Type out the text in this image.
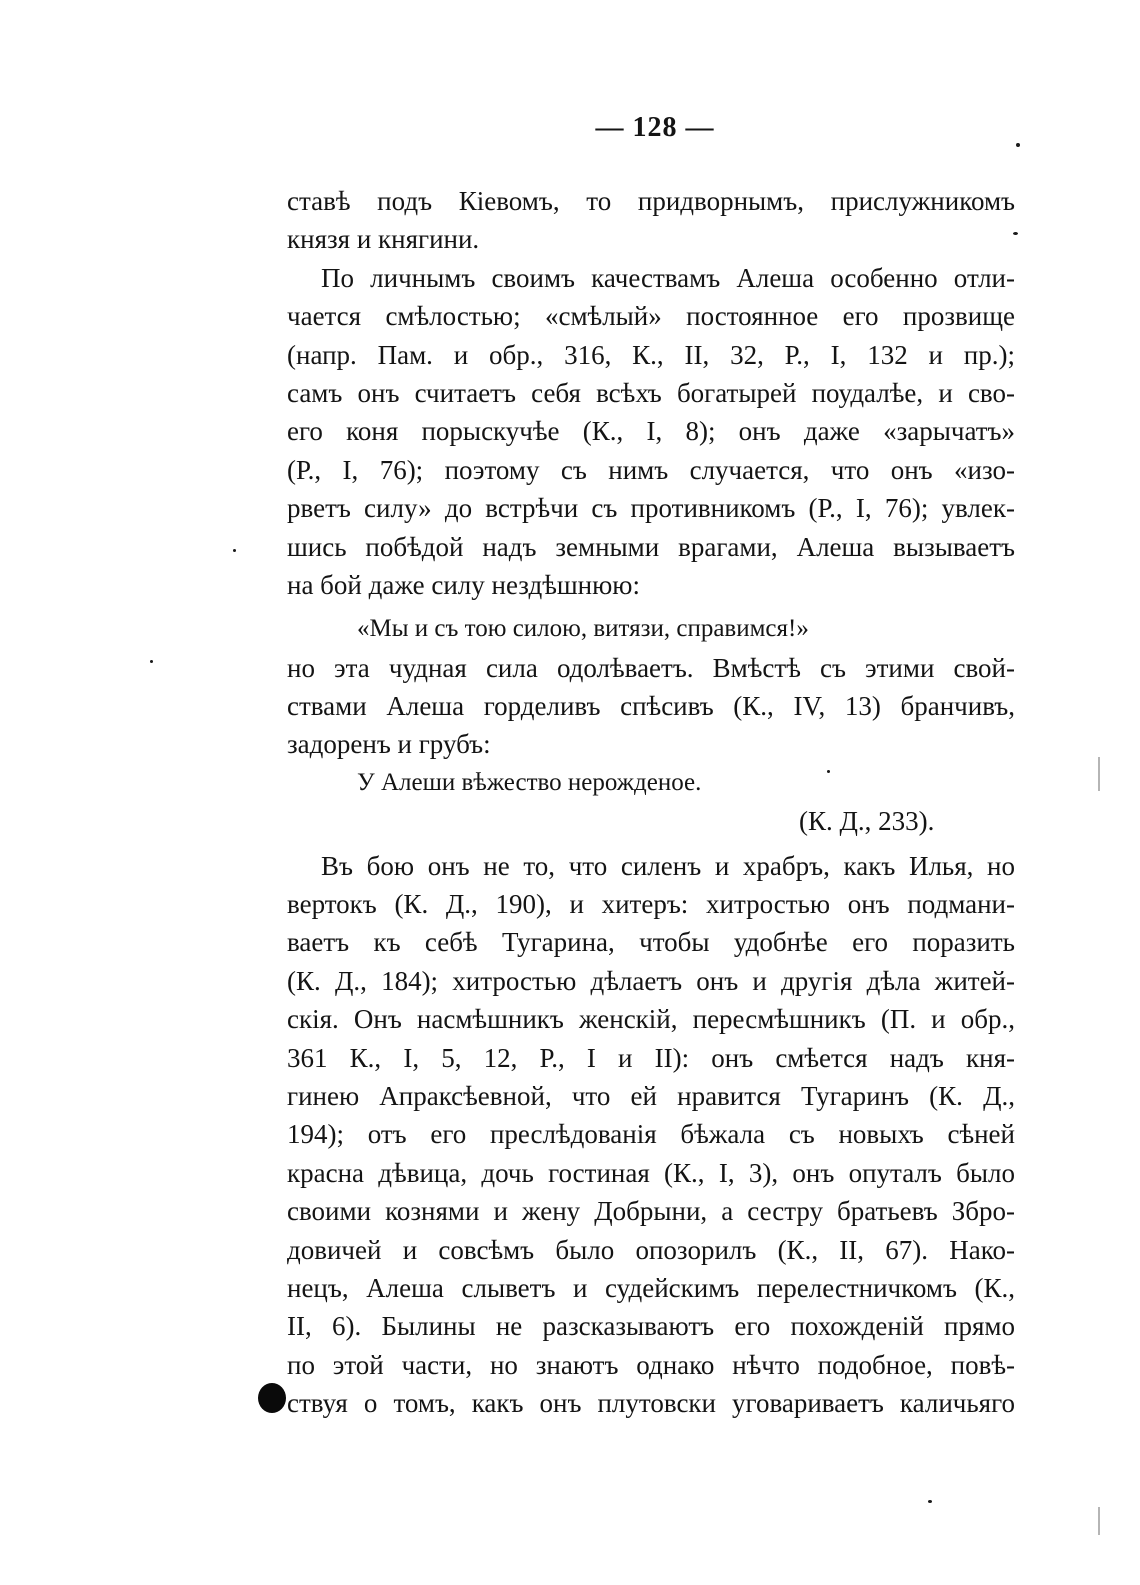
— 128 —
ставѣ подъ Кіевомъ, то придворнымъ, прислужникомъ
князя и княгини.
По личнымъ своимъ качествамъ Алеша особенно отли-
чается смѣлостью; «смѣлый» постоянное его прозвище
(напр. Пам. и обр., 316, К., II, 32, Р., I, 132 и пр.);
самъ онъ считаетъ себя всѣхъ богатырей поудалѣе, и сво-
его коня порыскучѣе (К., I, 8); онъ даже «зарычатъ»
(Р., I, 76); поэтому съ нимъ случается, что онъ «изо-
рветъ силу» до встрѣчи съ противникомъ (Р., I, 76); увлек-
шись побѣдой надъ земными врагами, Алеша вызываетъ
на бой даже силу нездѣшнюю:
«Мы и съ тою силою, витязи, справимся!»
но эта чудная сила одолѣваетъ. Вмѣстѣ съ этими свой-
ствами Алеша горделивъ спѣсивъ (К., IV, 13) бранчивъ,
задоренъ и грубъ:
У Алеши вѣжество нерожденое.
(К. Д., 233).
Въ бою онъ не то, что силенъ и храбръ, какъ Илья, но
вертокъ (К. Д., 190), и хитеръ: хитростью онъ подмани-
ваетъ къ себѣ Тугарина, чтобы удобнѣе его поразить
(К. Д., 184); хитростью дѣлаетъ онъ и другія дѣла житей-
скія. Онъ насмѣшникъ женскій, пересмѣшникъ (П. и обр.,
361 К., I, 5, 12, Р., I и II): онъ смѣется надъ кня-
гинею Апраксѣевной, что ей нравится Тугаринъ (К. Д.,
194); отъ его преслѣдованія бѣжала съ новыхъ сѣней
красна дѣвица, дочь гостиная (К., I, 3), онъ опуталъ было
своими кознями и жену Добрыни, а сестру братьевъ Збро-
довичей и совсѣмъ было опозорилъ (К., II, 67). Нако-
нецъ, Алеша слыветъ и судейскимъ перелестничкомъ (К.,
II, 6). Былины не разсказываютъ его похожденій прямо
по этой части, но знаютъ однако нѣчто подобное, повѣ-
ствуя о томъ, какъ онъ плутовски уговариваетъ каличьяго
